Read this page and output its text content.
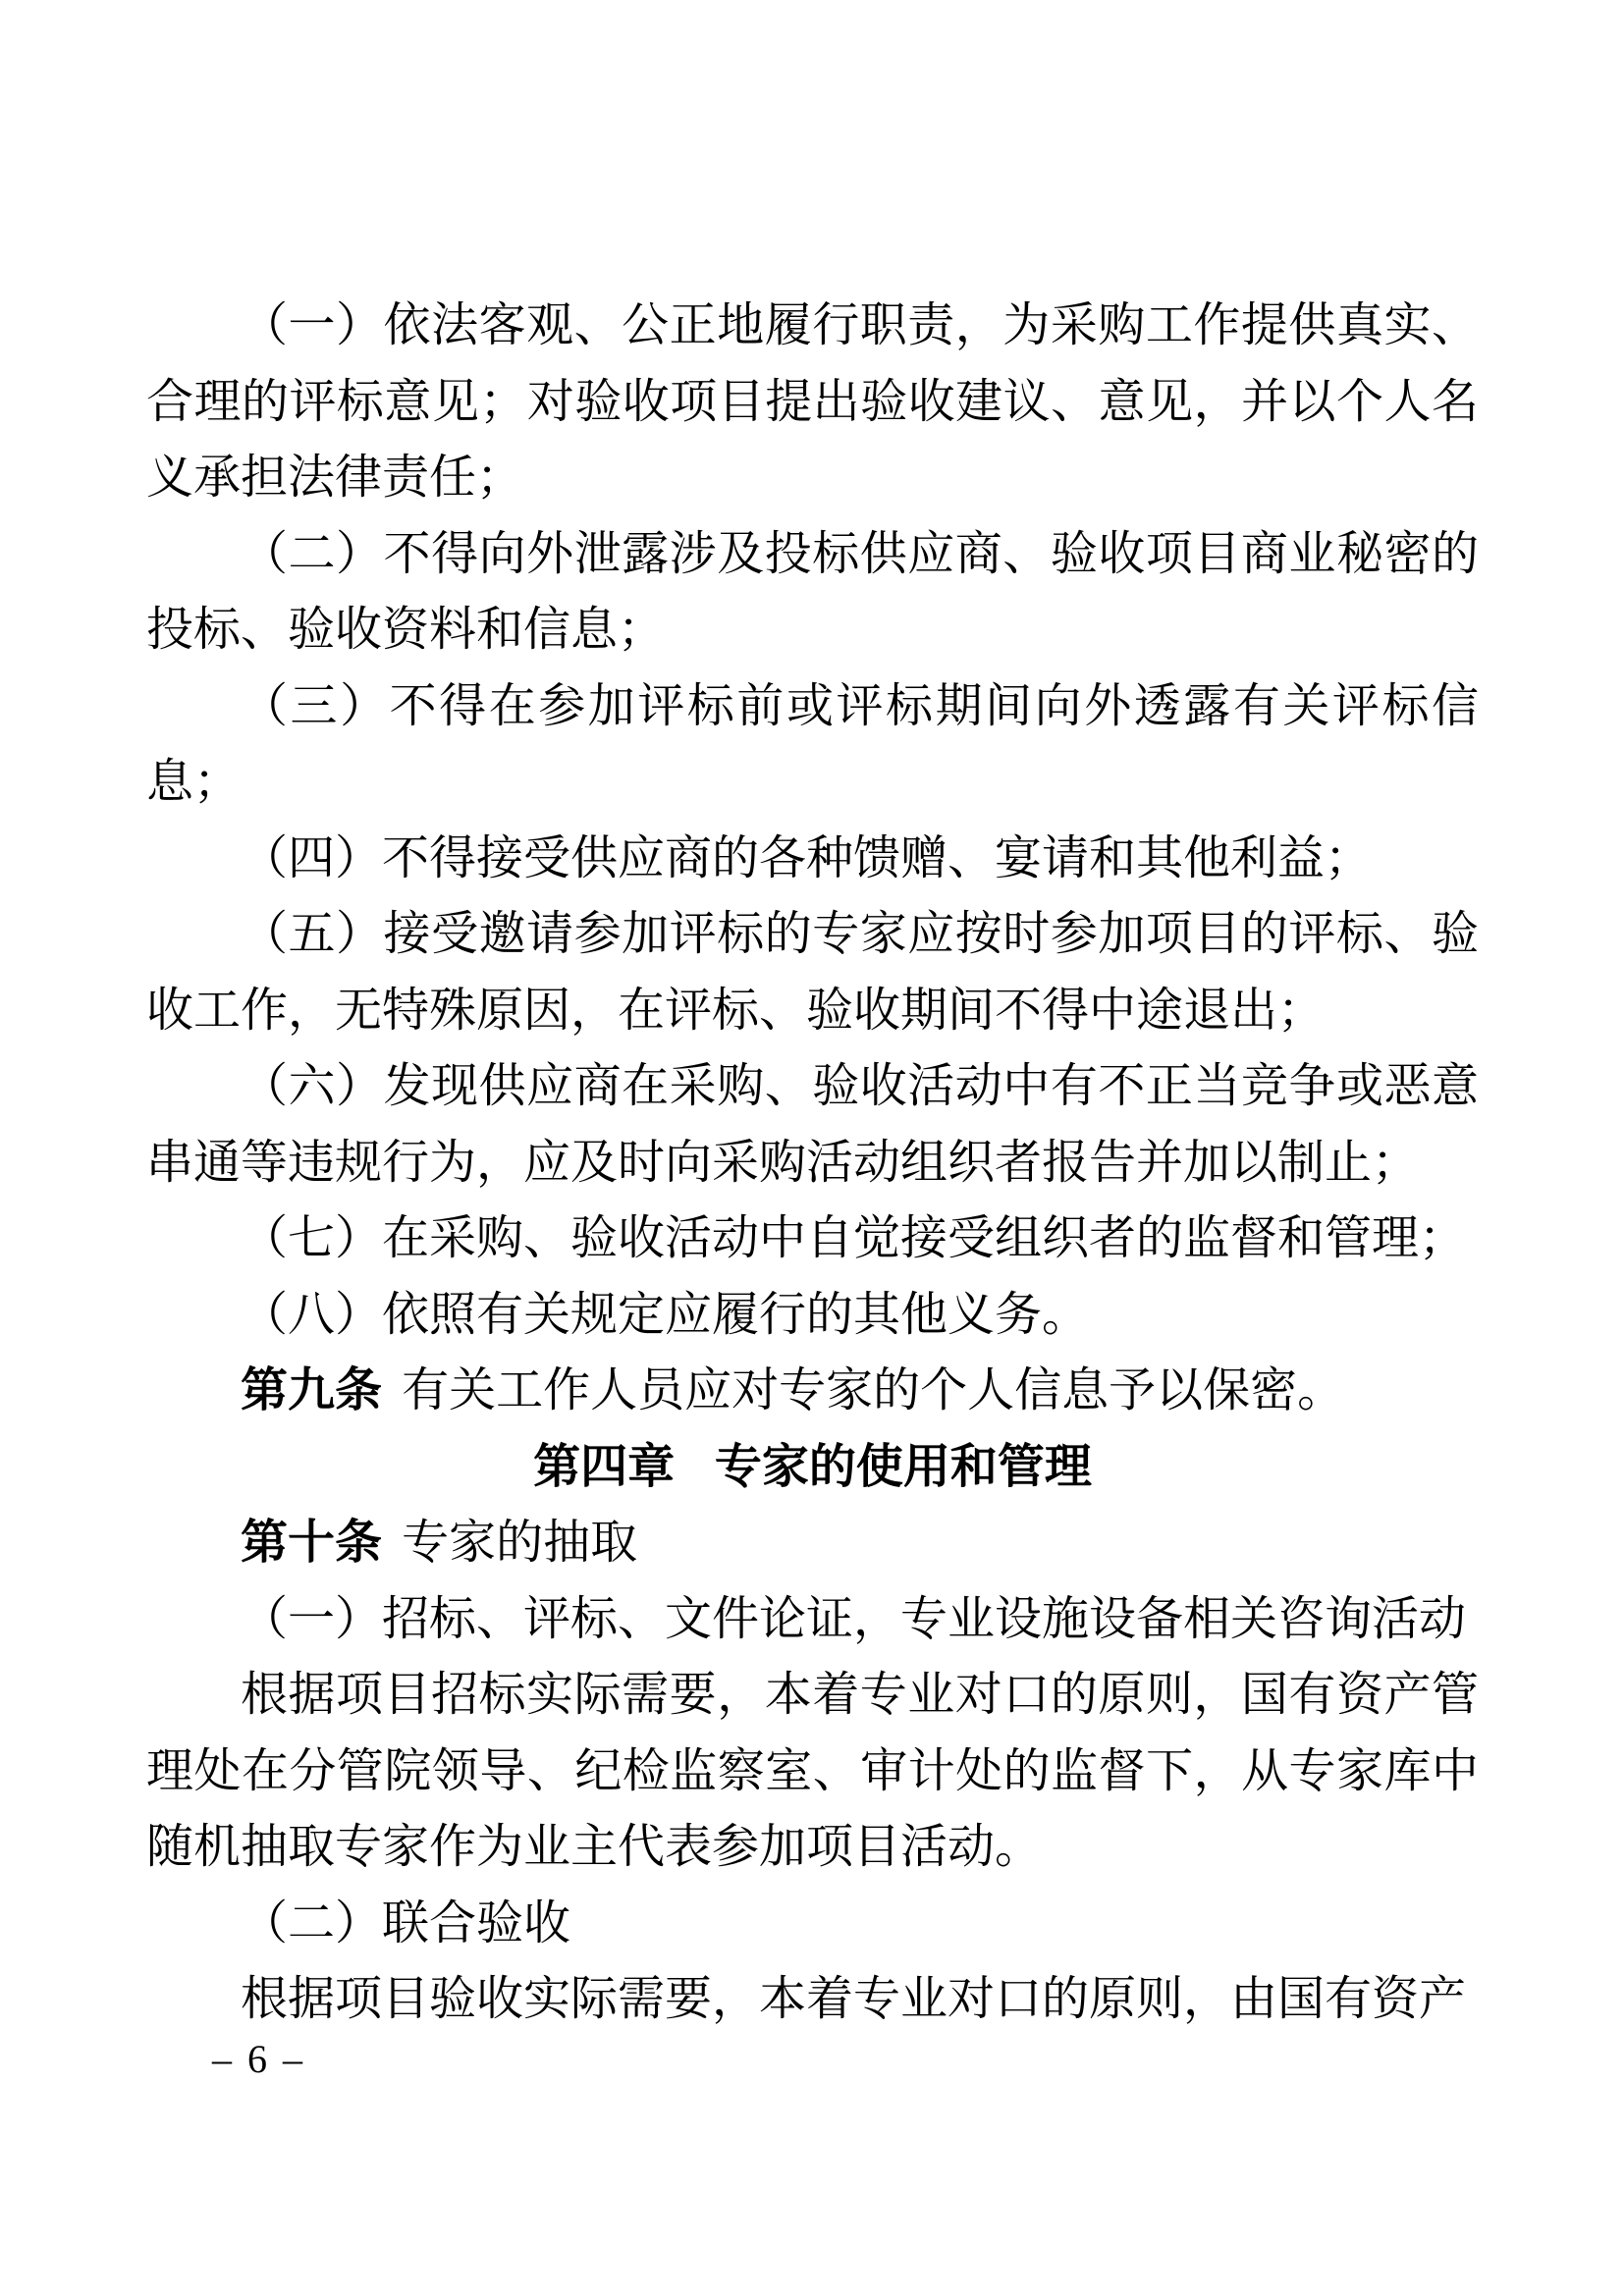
（一）依法客观、公正地履行职责，为采购工作提供真实、合理的评标意见；对验收项目提出验收建议、意见，并以个人名义承担法律责任；

（二）不得向外泄露涉及投标供应商、验收项目商业秘密的投标、验收资料和信息；

（三）不得在参加评标前或评标期间向外透露有关评标信息；

（四）不得接受供应商的各种馈赠、宴请和其他利益；

（五）接受邀请参加评标的专家应按时参加项目的评标、验收工作，无特殊原因，在评标、验收期间不得中途退出；

（六）发现供应商在采购、验收活动中有不正当竞争或恶意串通等违规行为，应及时向采购活动组织者报告并加以制止；

（七）在采购、验收活动中自觉接受组织者的监督和管理；

（八）依照有关规定应履行的其他义务。

第九条 有关工作人员应对专家的个人信息予以保密。

第四章 专家的使用和管理

第十条 专家的抽取

（一）招标、评标、文件论证，专业设施设备相关咨询活动

根据项目招标实际需要，本着专业对口的原则，国有资产管理处在分管院领导、纪检监察室、审计处的监督下，从专家库中随机抽取专家作为业主代表参加项目活动。

（二）联合验收

根据项目验收实际需要，本着专业对口的原则，由国有资产

– 6 –
